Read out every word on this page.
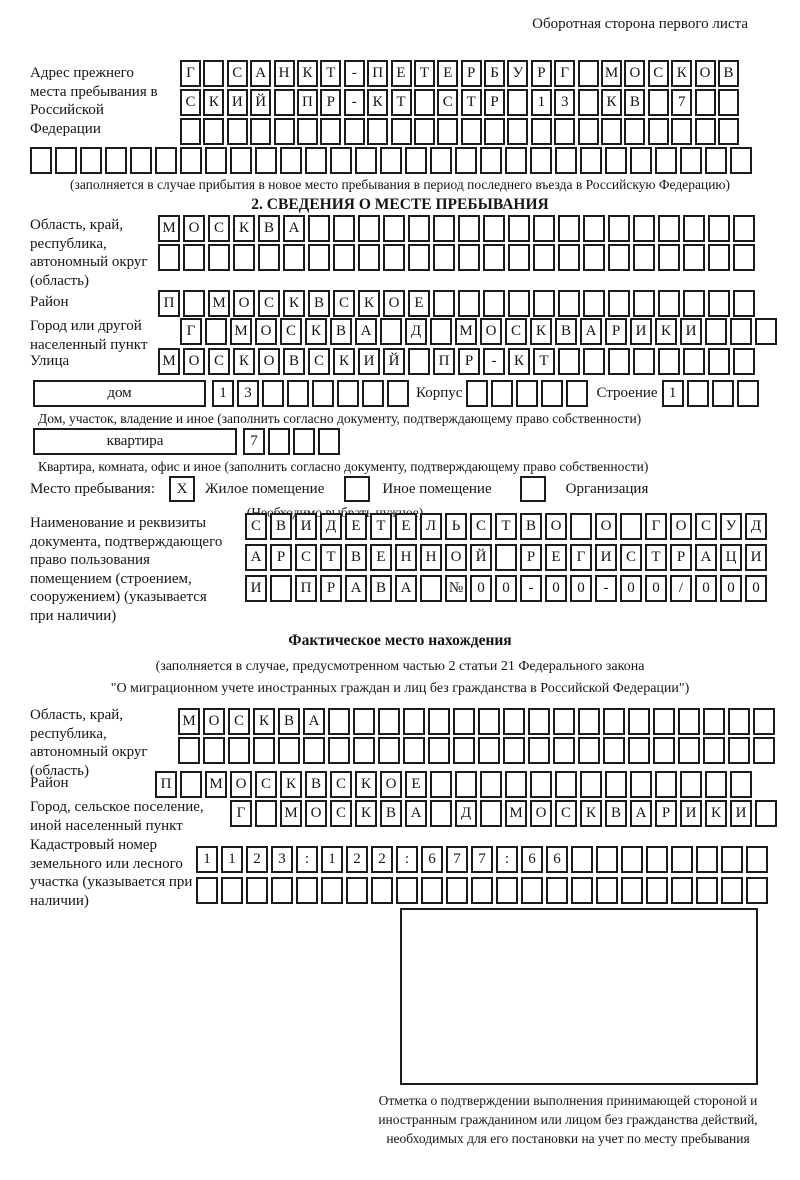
Оборотная сторона первого листа
Адрес прежнего места пребывания в Российской Федерации
Г	С А Н К Т	-	П Е Т Е Р Б У Р Г	М О С К О В
С К И Й	П Р	-	К Т	С Т Р	1	3	К В	7
(заполняется в случае прибытия в новое место пребывания в период последнего въезда в Российскую Федерацию)
2. СВЕДЕНИЯ О МЕСТЕ ПРЕБЫВАНИЯ
Область, край, республика, автономный округ (область)
М О С К В А
Район	П	М О С К В С К О Е
Город или другой населенный пункт
Г	М О С К В А	Д	М О С К В А	Р	И К И
Улица	М О С К О В С К И Й	П	Р	-	К	Т
дом	1	3	Корпус	Строение 1
Дом, участок, владение и иное (заполнить согласно документу, подтверждающему право собственности)
квартира	7
Квартира, комната, офис и иное (заполнить согласно документу, подтверждающему право собственности)
Место пребывания:	X	Жилое помещение	Иное помещение	Организация
Наименование и реквизиты документа, подтверждающего право пользования помещением (строением, сооружением) (указывается при наличии)
С В И Д	Е	Т	Е	Л	Ь	С	Т	В О	О	Г	О С У Д
А	Р	С	Т	В	Е	Н Н О Й	Р	Е	Г	И С	Т	Р	А Ц И
И	П	Р	А В А	№ 0	0	-	0	0	-	0	0	/	0	0	0
Фактическое место нахождения
(заполняется в случае, предусмотренном частью 2 статьи 21 Федерального закона
"О миграционном учете иностранных граждан и лиц без гражданства в Российской Федерации")
Область, край, республика, автономный округ (область)
М О С К В А
Район	П	М О С К В С К О Е
Город, сельское поселение, иной населенный пункт
Г	М О С К В А	Д	М О С К В А	Р	И К И
Кадастровый номер земельного или лесного участка (указывается при наличии)
1	1	2	3	:	1	2	2	:	6	7	7	:	6	6
Отметка о подтверждении выполнения принимающей стороной и иностранным гражданином или лицом без гражданства действий, необходимых для его постановки на учет по месту пребывания
